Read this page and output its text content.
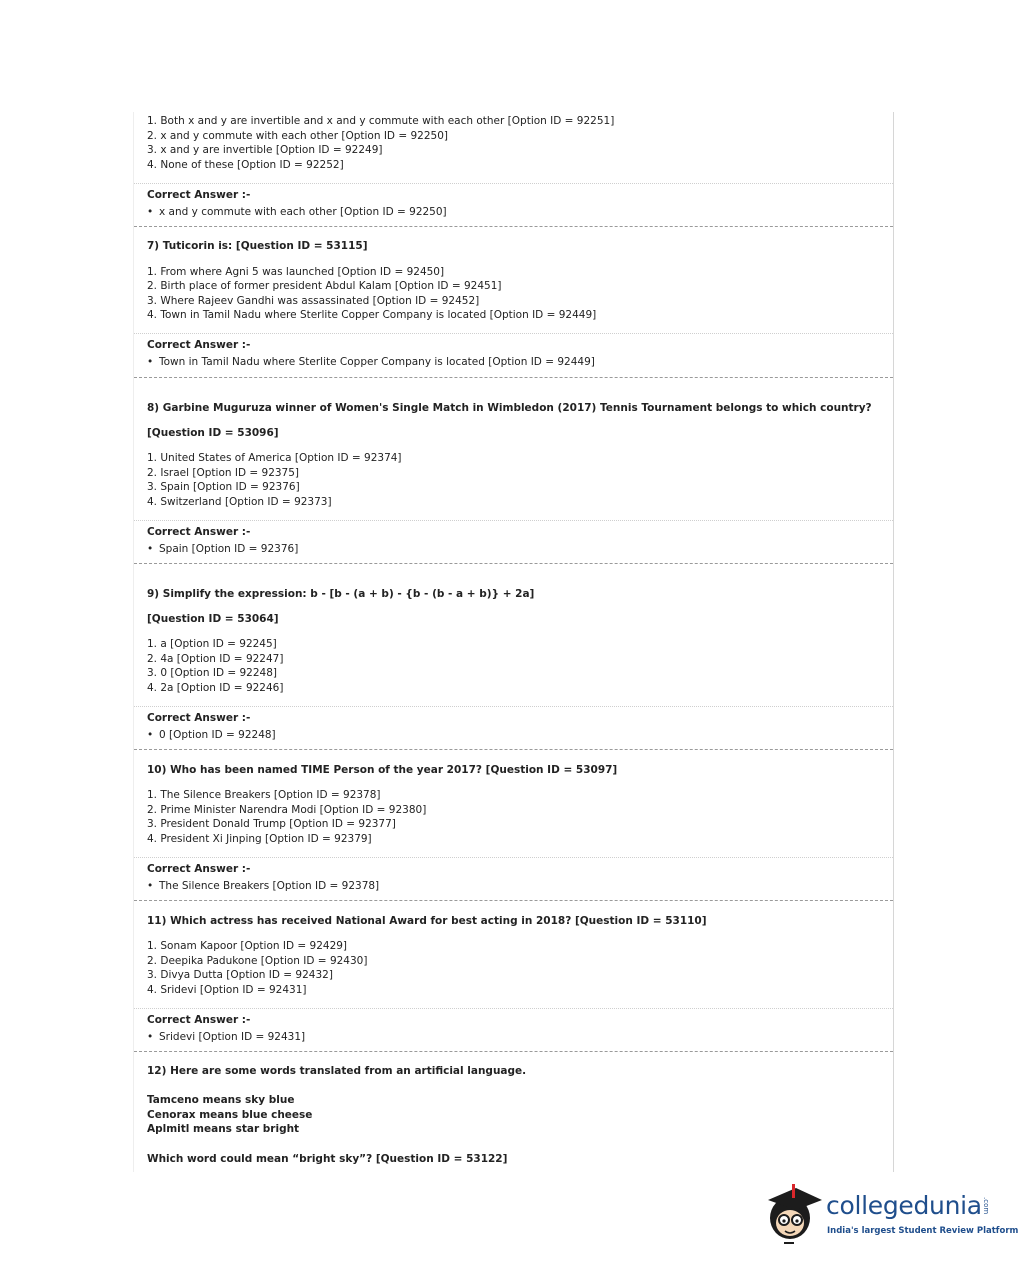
1. Both x and y are invertible and x and y commute with each other [Option ID = 92251]
2. x and y commute with each other [Option ID = 92250]
3. x and y are invertible [Option ID = 92249]
4. None of these [Option ID = 92252]
Correct Answer :-
• x and y commute with each other [Option ID = 92250]
7) Tuticorin is: [Question ID = 53115]
1. From where Agni 5 was launched [Option ID = 92450]
2. Birth place of former president Abdul Kalam [Option ID = 92451]
3. Where Rajeev Gandhi was assassinated [Option ID = 92452]
4. Town in Tamil Nadu where Sterlite Copper Company is located [Option ID = 92449]
Correct Answer :-
• Town in Tamil Nadu where Sterlite Copper Company is located [Option ID = 92449]
8) Garbine Muguruza winner of Women's Single Match in Wimbledon (2017) Tennis Tournament belongs to which country?
[Question ID = 53096]
1. United States of America [Option ID = 92374]
2. Israel [Option ID = 92375]
3. Spain [Option ID = 92376]
4. Switzerland [Option ID = 92373]
Correct Answer :-
• Spain [Option ID = 92376]
9) Simplify the expression: b - [b - (a + b) - {b - (b - a + b)} + 2a]
[Question ID = 53064]
1. a [Option ID = 92245]
2. 4a [Option ID = 92247]
3. 0 [Option ID = 92248]
4. 2a [Option ID = 92246]
Correct Answer :-
• 0 [Option ID = 92248]
10) Who has been named TIME Person of the year 2017? [Question ID = 53097]
1. The Silence Breakers [Option ID = 92378]
2. Prime Minister Narendra Modi [Option ID = 92380]
3. President Donald Trump [Option ID = 92377]
4. President Xi Jinping [Option ID = 92379]
Correct Answer :-
• The Silence Breakers [Option ID = 92378]
11) Which actress has received National Award for best acting in 2018? [Question ID = 53110]
1. Sonam Kapoor [Option ID = 92429]
2. Deepika Padukone [Option ID = 92430]
3. Divya Dutta [Option ID = 92432]
4. Sridevi [Option ID = 92431]
Correct Answer :-
• Sridevi [Option ID = 92431]
12) Here are some words translated from an artificial language.
Tamceno means sky blue
Cenorax means blue cheese
Aplmitl means star bright
Which word could mean “bright sky”? [Question ID = 53122]
collegedunia .com
India's largest Student Review Platform
